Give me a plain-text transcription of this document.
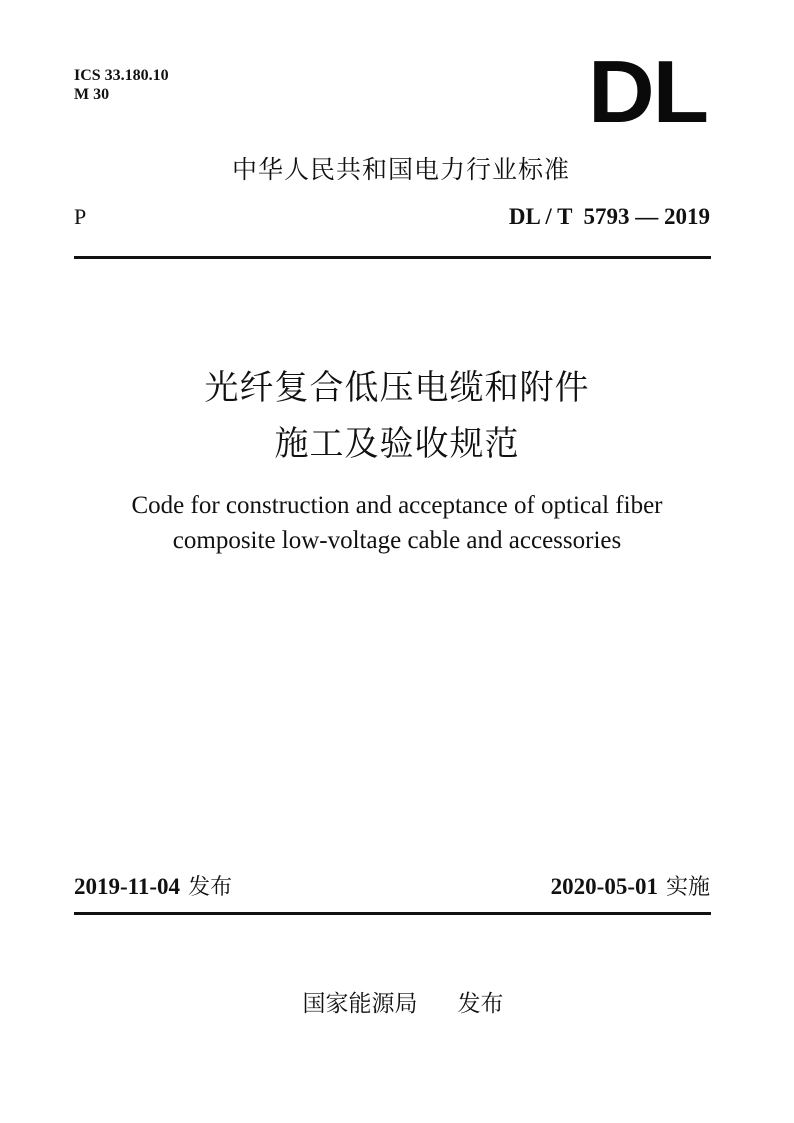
ICS 33.180.10
M 30	DL
中华人民共和国电力行业标准
P	DL / T  5793 — 2019
光纤复合低压电缆和附件
施工及验收规范
Code for construction and acceptance of optical fiber
composite low-voltage cable and accessories
2019-11-04 发布	2020-05-01 实施
国家能源局 发布
